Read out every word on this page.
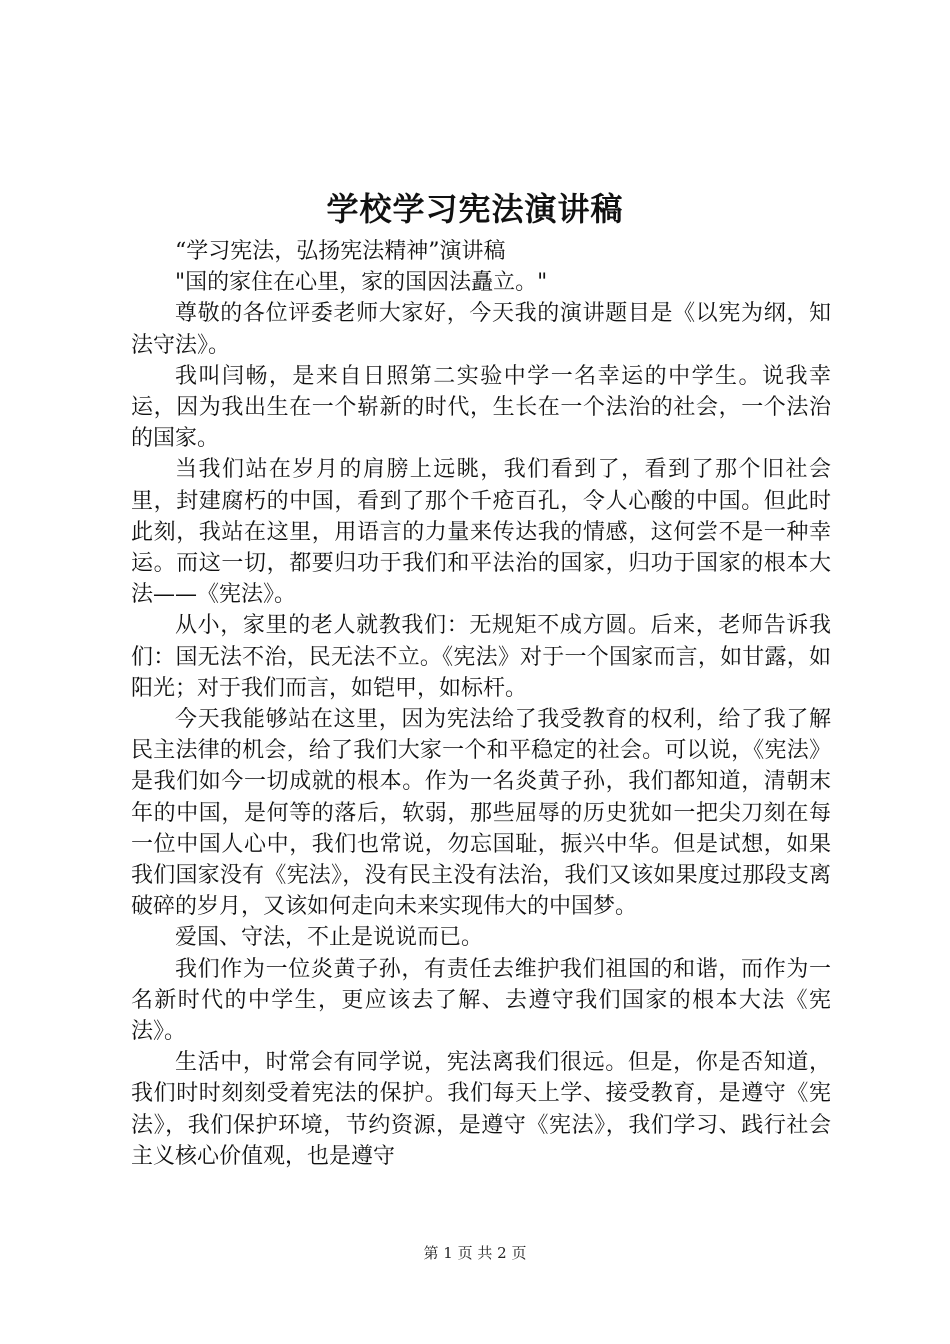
学校学习宪法演讲稿

“学习宪法，弘扬宪法精神”演讲稿

"国的家住在心里，家的国因法矗立。"

尊敬的各位评委老师大家好，今天我的演讲题目是《以宪为纲，知法守法》。

我叫闫畅，是来自日照第二实验中学一名幸运的中学生。说我幸运，因为我出生在一个崭新的时代，生长在一个法治的社会，一个法治的国家。

当我们站在岁月的肩膀上远眺，我们看到了，看到了那个旧社会里，封建腐朽的中国，看到了那个千疮百孔，令人心酸的中国。但此时此刻，我站在这里，用语言的力量来传达我的情感，这何尝不是一种幸运。而这一切，都要归功于我们和平法治的国家，归功于国家的根本大法——《宪法》。

从小，家里的老人就教我们：无规矩不成方圆。后来，老师告诉我们：国无法不治，民无法不立。《宪法》对于一个国家而言，如甘露，如阳光；对于我们而言，如铠甲，如标杆。

今天我能够站在这里，因为宪法给了我受教育的权利，给了我了解民主法律的机会，给了我们大家一个和平稳定的社会。可以说，《宪法》是我们如今一切成就的根本。作为一名炎黄子孙，我们都知道，清朝末年的中国，是何等的落后，软弱，那些屈辱的历史犹如一把尖刀刻在每一位中国人心中，我们也常说，勿忘国耻，振兴中华。但是试想，如果我们国家没有《宪法》，没有民主没有法治，我们又该如果度过那段支离破碎的岁月，又该如何走向未来实现伟大的中国梦。

爱国、守法，不止是说说而已。

我们作为一位炎黄子孙，有责任去维护我们祖国的和谐，而作为一名新时代的中学生，更应该去了解、去遵守我们国家的根本大法《宪法》。

生活中，时常会有同学说，宪法离我们很远。但是，你是否知道，我们时时刻刻受着宪法的保护。我们每天上学、接受教育，是遵守《宪法》，我们保护环境，节约资源，是遵守《宪法》，我们学习、践行社会主义核心价值观，也是遵守

第 1 页 共 2 页
